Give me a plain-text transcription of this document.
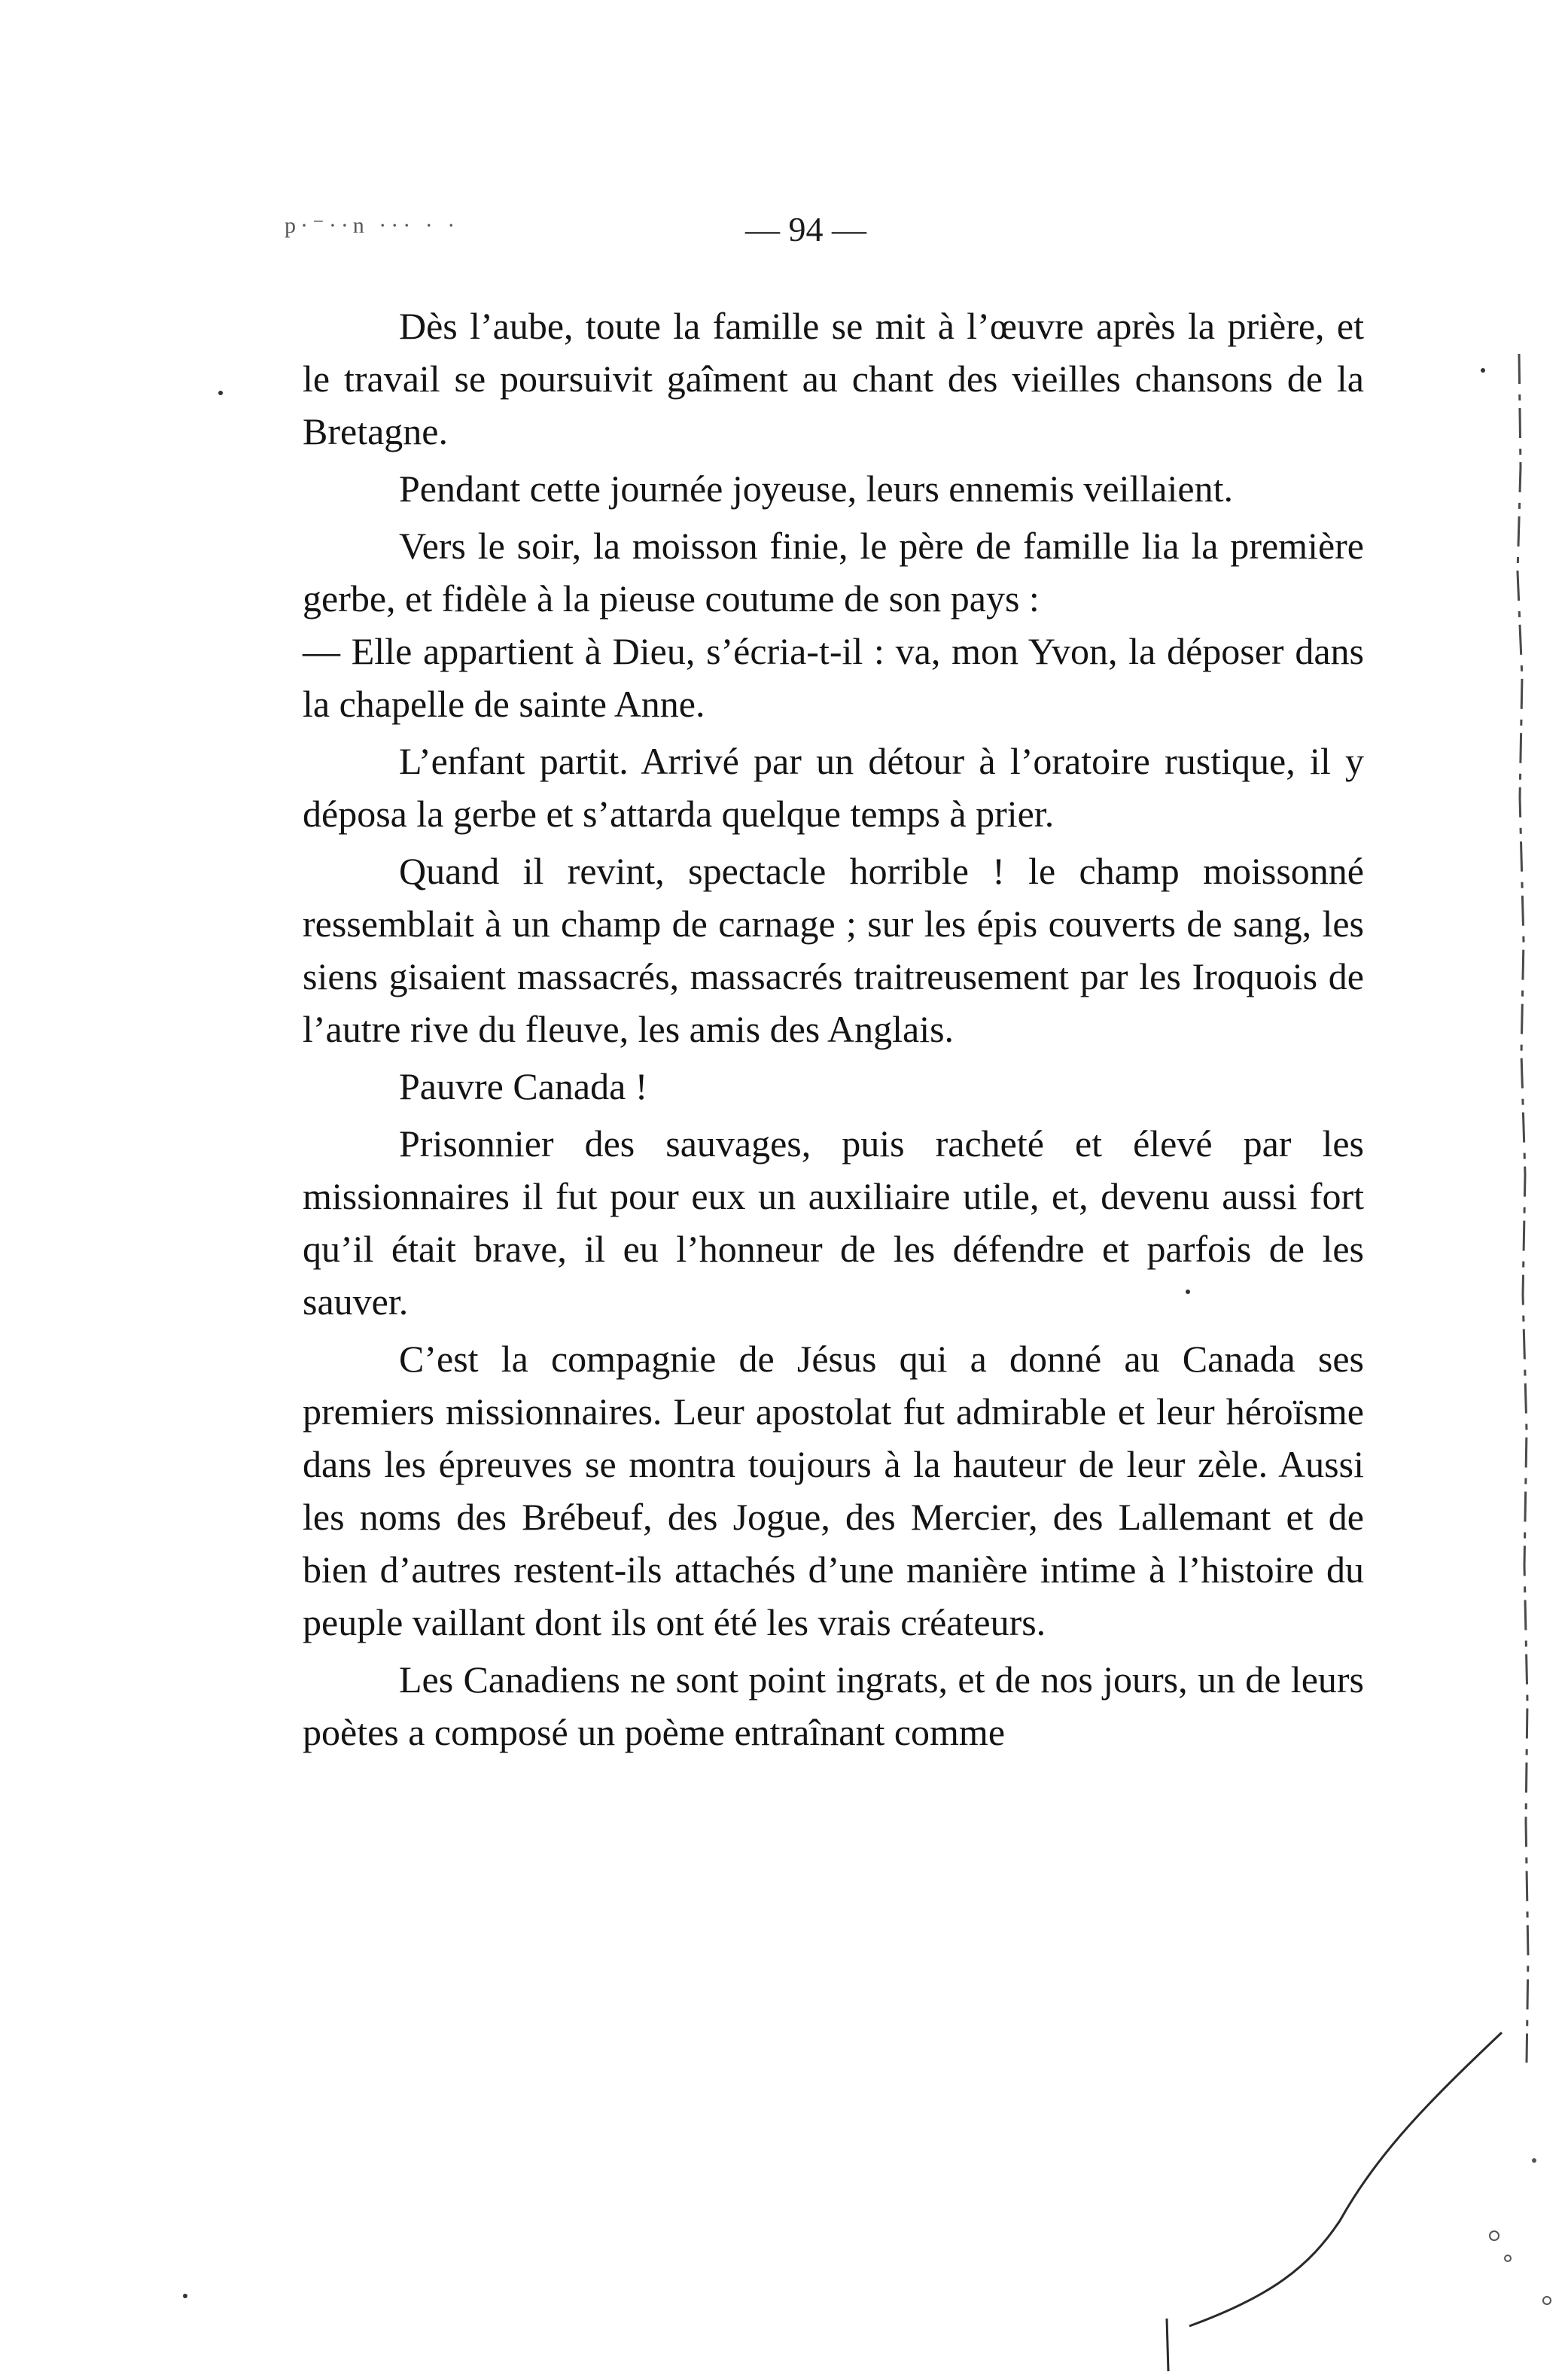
p·⁻··n ··· · ·	— 94 —

Dès l’aube, toute la famille se mit à l’œuvre après la prière, et le travail se poursuivit gaîment au chant des vieilles chansons de la Bretagne.

Pendant cette journée joyeuse, leurs ennemis veillaient.

Vers le soir, la moisson finie, le père de famille lia la première gerbe, et fidèle à la pieuse coutume de son pays :

— Elle appartient à Dieu, s’écria-t-il : va, mon Yvon, la déposer dans la chapelle de sainte Anne.

L’enfant partit. Arrivé par un détour à l’oratoire rustique, il y déposa la gerbe et s’attarda quelque temps à prier.

Quand il revint, spectacle horrible ! le champ moissonné ressemblait à un champ de carnage ; sur les épis couverts de sang, les siens gisaient massacrés, massacrés traitreusement par les Iroquois de l’autre rive du fleuve, les amis des Anglais.

Pauvre Canada !

Prisonnier des sauvages, puis racheté et élevé par les missionnaires il fut pour eux un auxiliaire utile, et, devenu aussi fort qu’il était brave, il eu l’honneur de les défendre et parfois de les sauver.

C’est la compagnie de Jésus qui a donné au Canada ses premiers missionnaires. Leur apostolat fut admirable et leur héroïsme dans les épreuves se montra toujours à la hauteur de leur zèle. Aussi les noms des Brébeuf, des Jogue, des Mercier, des Lallemant et de bien d’autres restent-ils attachés d’une manière intime à l’histoire du peuple vaillant dont ils ont été les vrais créateurs.

Les Canadiens ne sont point ingrats, et de nos jours, un de leurs poètes a composé un poème entraînant comme
